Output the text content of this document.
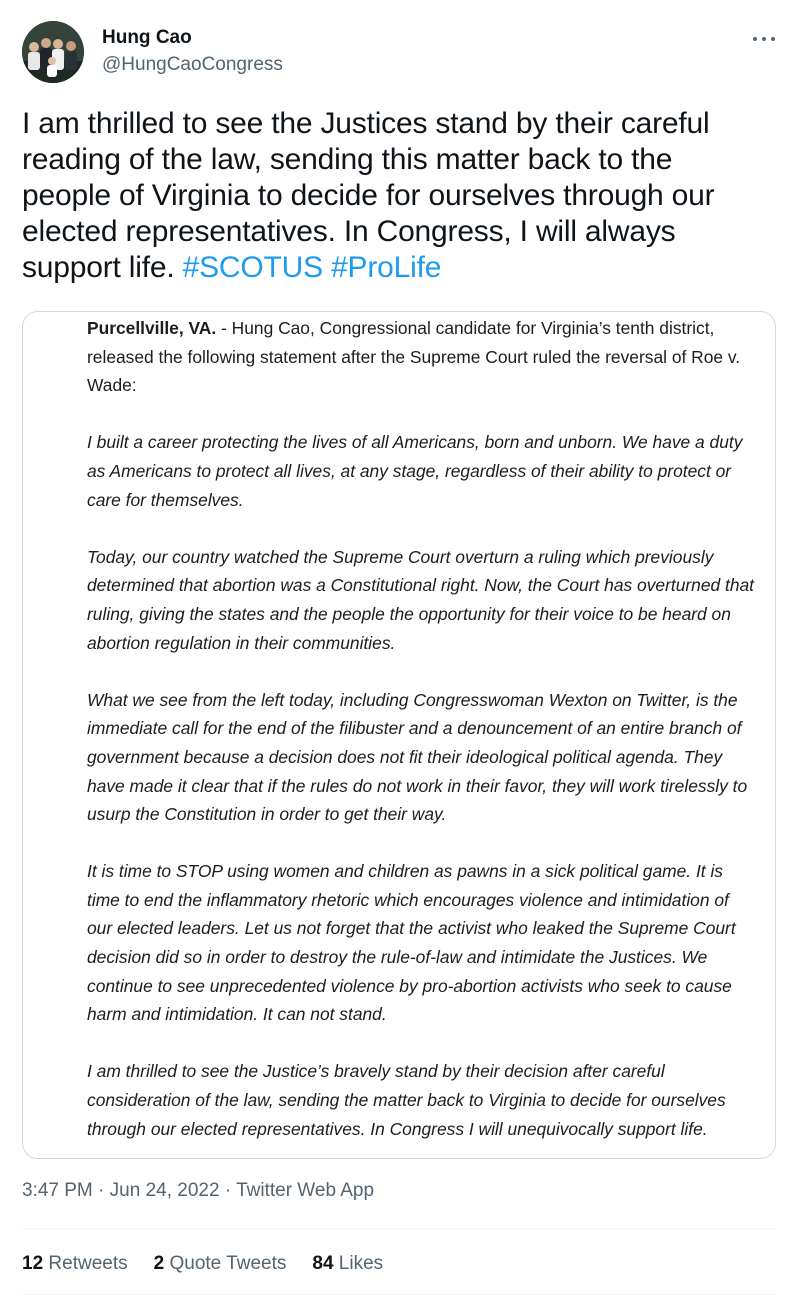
Hung Cao
@HungCaoCongress
I am thrilled to see the Justices stand by their careful reading of the law, sending this matter back to the people of Virginia to decide for ourselves through our elected representatives. In Congress, I will always support life. #SCOTUS #ProLife

Purcellville, VA. - Hung Cao, Congressional candidate for Virginia’s tenth district, released the following statement after the Supreme Court ruled the reversal of Roe v. Wade:

I built a career protecting the lives of all Americans, born and unborn. We have a duty as Americans to protect all lives, at any stage, regardless of their ability to protect or care for themselves.

Today, our country watched the Supreme Court overturn a ruling which previously determined that abortion was a Constitutional right. Now, the Court has overturned that ruling, giving the states and the people the opportunity for their voice to be heard on abortion regulation in their communities.

What we see from the left today, including Congresswoman Wexton on Twitter, is the immediate call for the end of the filibuster and a denouncement of an entire branch of government because a decision does not fit their ideological political agenda. They have made it clear that if the rules do not work in their favor, they will work tirelessly to usurp the Constitution in order to get their way.

It is time to STOP using women and children as pawns in a sick political game. It is time to end the inflammatory rhetoric which encourages violence and intimidation of our elected leaders. Let us not forget that the activist who leaked the Supreme Court decision did so in order to destroy the rule-of-law and intimidate the Justices. We continue to see unprecedented violence by pro-abortion activists who seek to cause harm and intimidation. It can not stand.

I am thrilled to see the Justice’s bravely stand by their decision after careful consideration of the law, sending the matter back to Virginia to decide for ourselves through our elected representatives. In Congress I will unequivocally support life.

3:47 PM · Jun 24, 2022 · Twitter Web App
12 Retweets 2 Quote Tweets 84 Likes
